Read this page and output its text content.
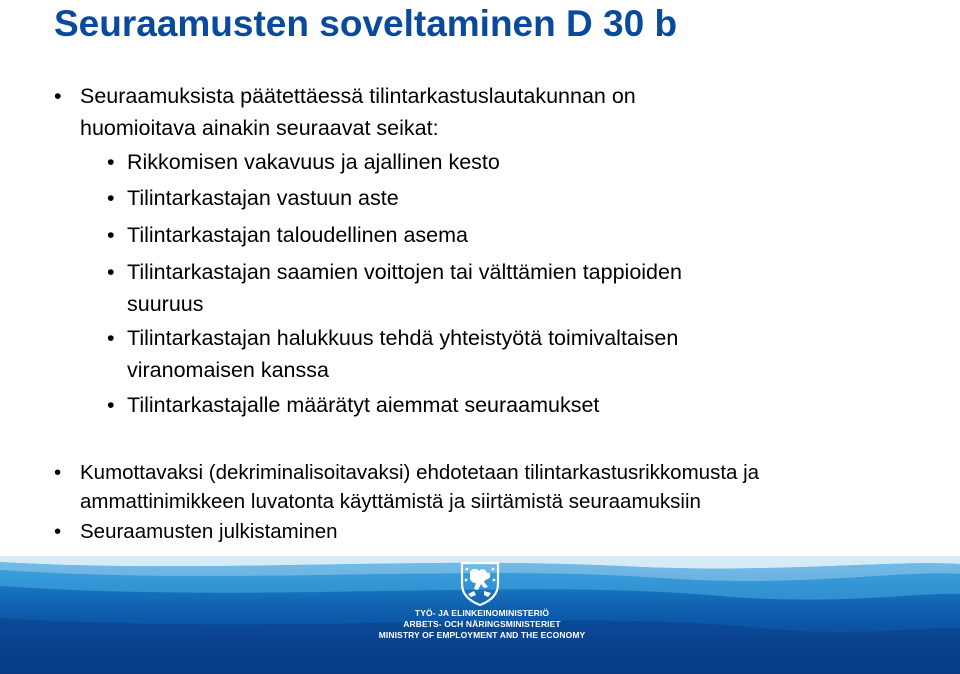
Seuraamusten soveltaminen D 30 b
• Seuraamuksista päätettäessä tilintarkastuslautakunnan on
huomioitava ainakin seuraavat seikat:
• Rikkomisen vakavuus ja ajallinen kesto
• Tilintarkastajan vastuun aste
• Tilintarkastajan taloudellinen asema
• Tilintarkastajan saamien voittojen tai välttämien tappioiden
suuruus
• Tilintarkastajan halukkuus tehdä yhteistyötä toimivaltaisen
viranomaisen kanssa
• Tilintarkastajalle määrätyt aiemmat seuraamukset
• Kumottavaksi (dekriminalisoitavaksi) ehdotetaan tilintarkastusrikkomusta ja
ammattinimikkeen luvatonta käyttämistä ja siirtämistä seuraamuksiin
• Seuraamusten julkistaminen
TYÖ- JA ELINKEINOMINISTERIÖ
ARBETS- OCH NÄRINGSMINISTERIET
MINISTRY OF EMPLOYMENT AND THE ECONOMY
